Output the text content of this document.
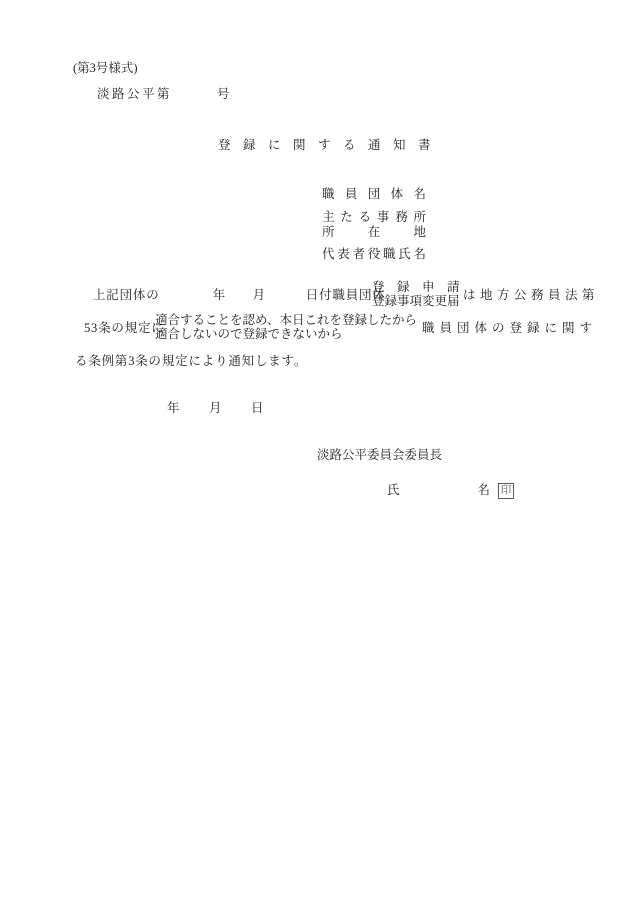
(第3号様式)
淡路公平第　　　号
登録に関する通知書
職員団体名
主たる事務所
所在地
代表者役職氏名
上記団体の　　　　年　　月　　　日付職員団体
登録申請
登録事項変更届 は地方公務員法第
53条の規定に
適合することを認め、本日これを登録したから
適合しないので登録できないから	職員団体の登録に関す
る条例第3条の規定により通知します。
年　　月　　日
淡路公平委員会委員長
氏名 印
